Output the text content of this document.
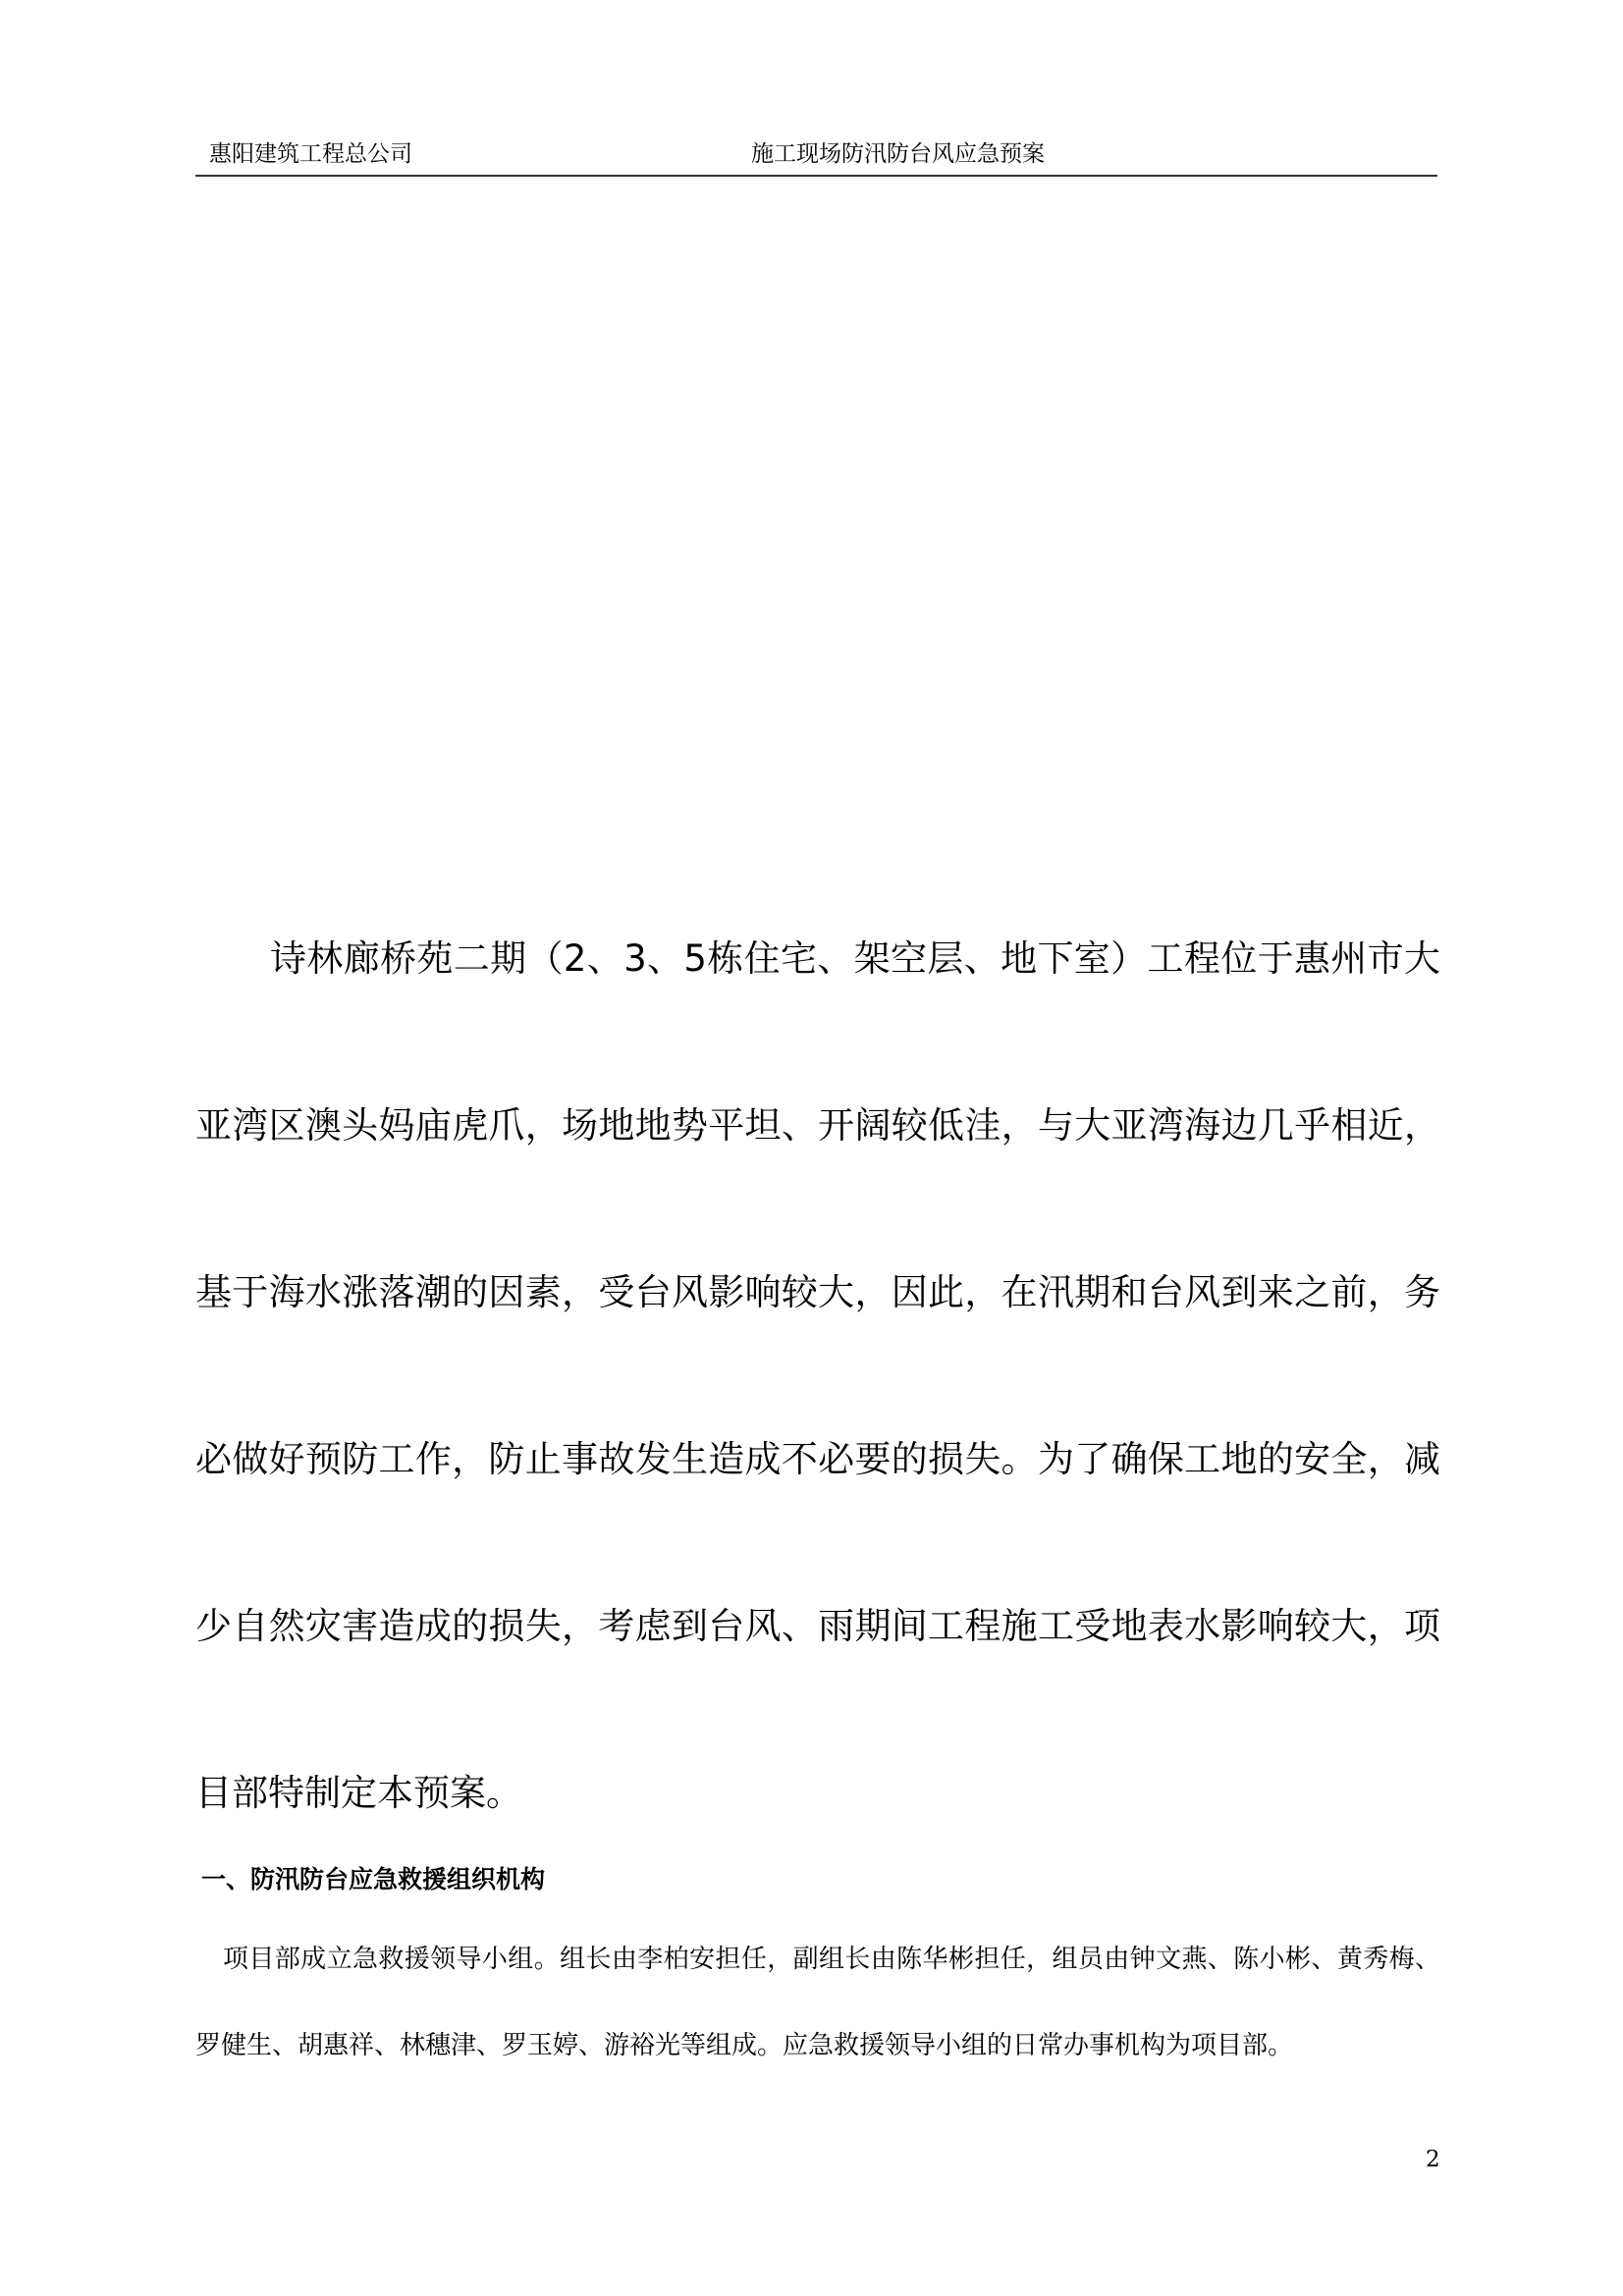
惠阳建筑工程总公司	施工现场防汛防台风应急预案

诗林廊桥苑二期（2、3、5栋住宅、架空层、地下室）工程位于惠州市大亚湾区澳头妈庙虎爪，场地地势平坦、开阔较低洼，与大亚湾海边几乎相近，基于海水涨落潮的因素，受台风影响较大，因此，在汛期和台风到来之前，务必做好预防工作，防止事故发生造成不必要的损失。为了确保工地的安全，减少自然灾害造成的损失，考虑到台风、雨期间工程施工受地表水影响较大，项目部特制定本预案。

一、防汛防台应急救援组织机构

项目部成立急救援领导小组。组长由李柏安担任，副组长由陈华彬担任，组员由钟文燕、陈小彬、黄秀梅、罗健生、胡惠祥、林穗津、罗玉婷、游裕光等组成。应急救援领导小组的日常办事机构为项目部。

2
